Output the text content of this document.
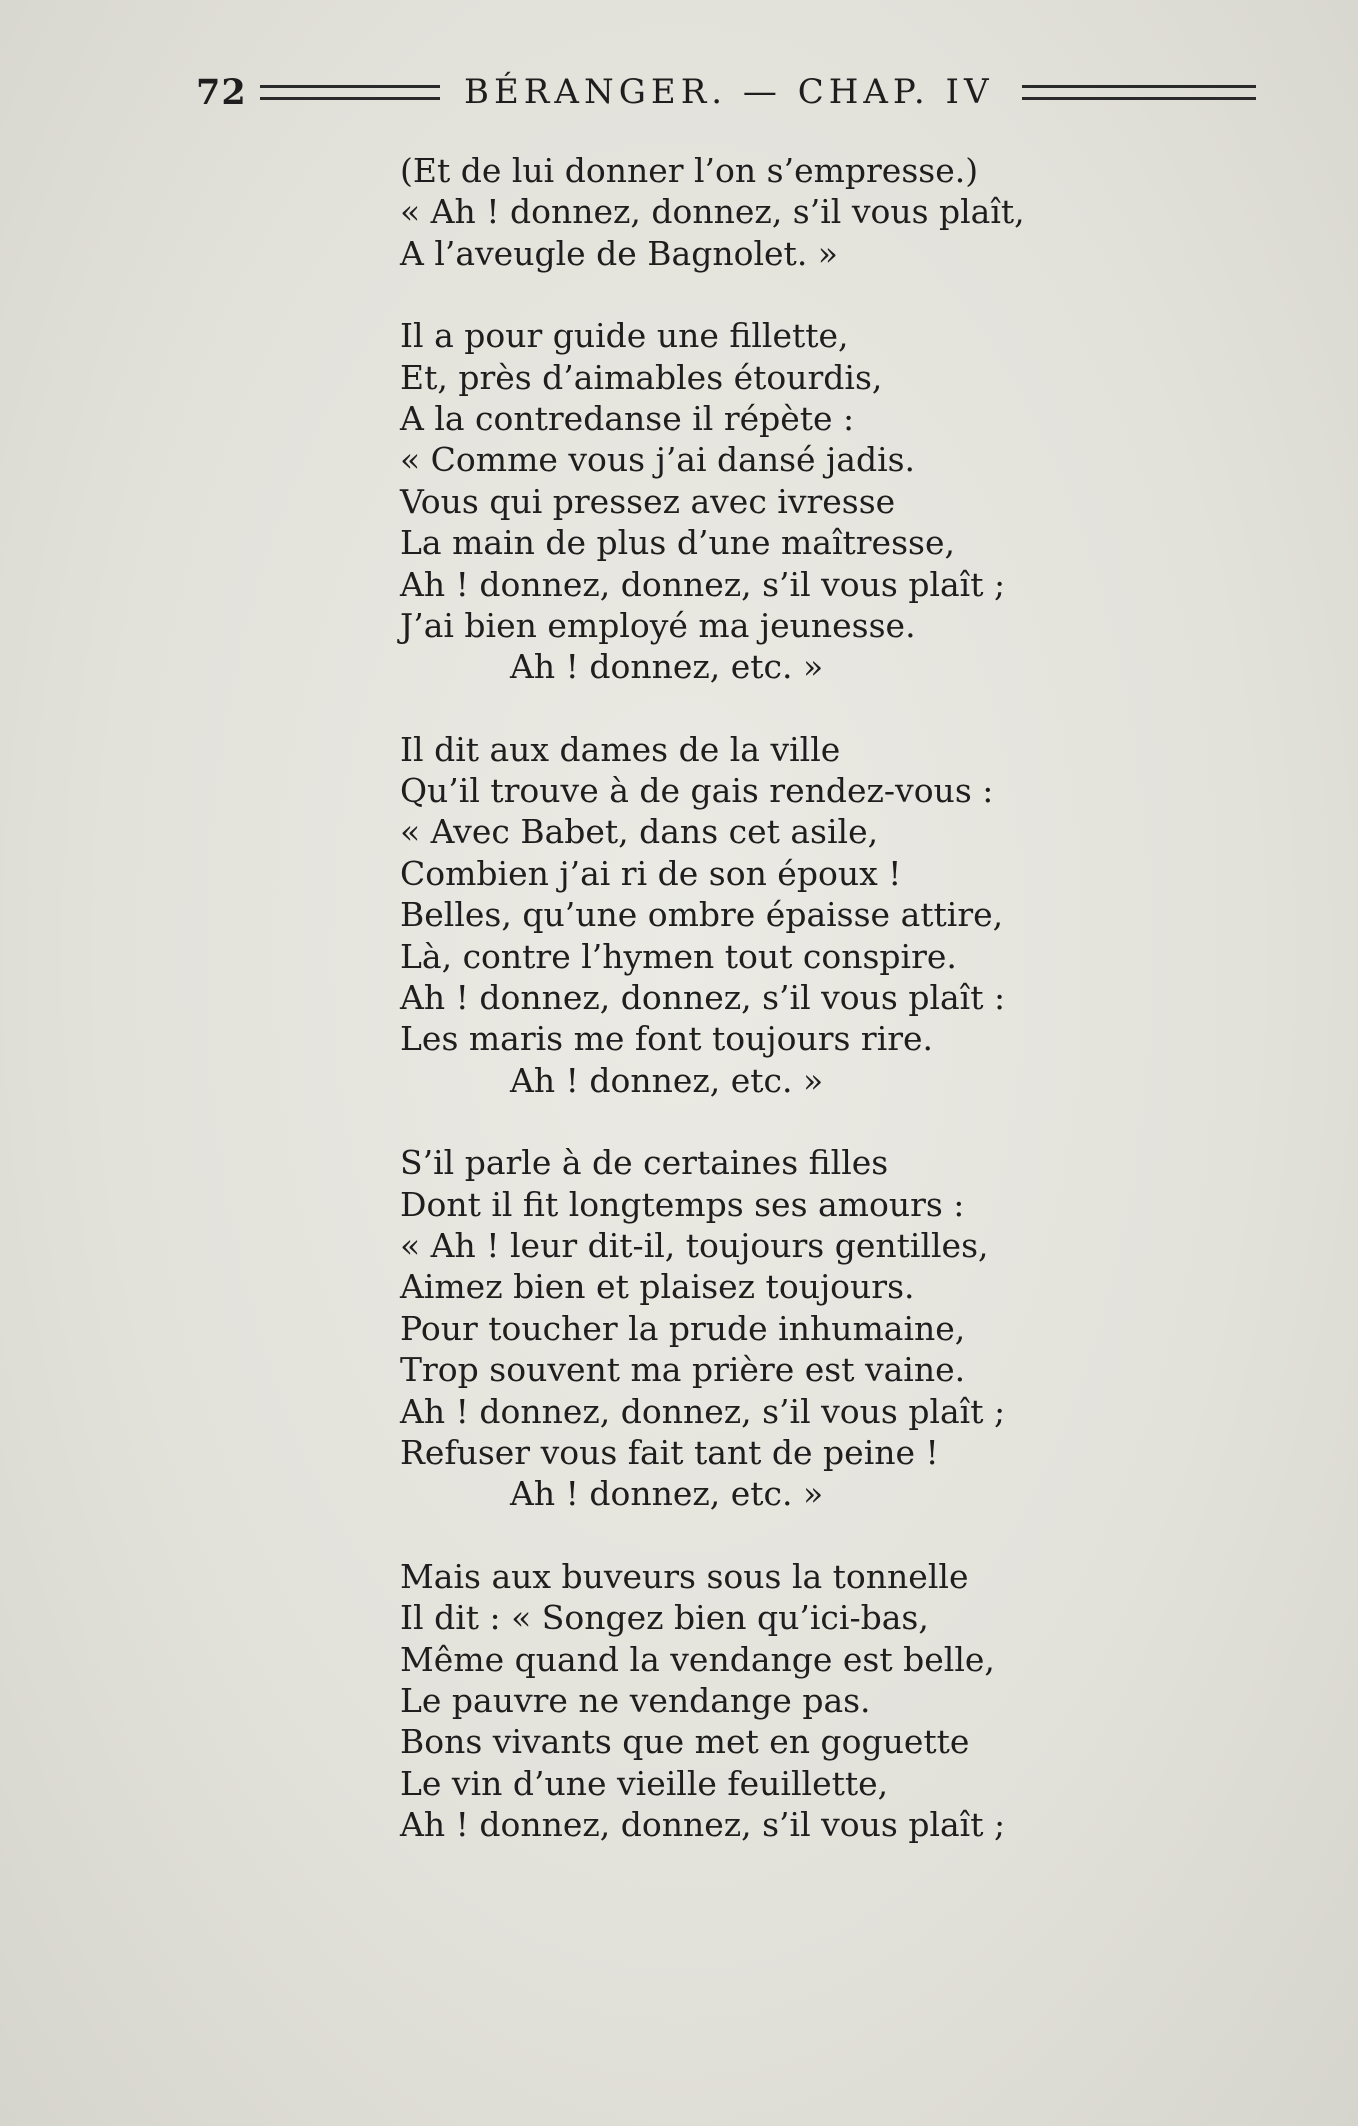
72	BÉRANGER. — CHAP. IV
(Et de lui donner l’on s’empresse.)
« Ah ! donnez, donnez, s’il vous plaît,
A l’aveugle de Bagnolet. »
Il a pour guide une fillette,
Et, près d’aimables étourdis,
A la contredanse il répète :
« Comme vous j’ai dansé jadis.
Vous qui pressez avec ivresse
La main de plus d’une maîtresse,
Ah ! donnez, donnez, s’il vous plaît ;
J’ai bien employé ma jeunesse.
Ah ! donnez, etc. »
Il dit aux dames de la ville
Qu’il trouve à de gais rendez-vous :
« Avec Babet, dans cet asile,
Combien j’ai ri de son époux !
Belles, qu’une ombre épaisse attire,
Là, contre l’hymen tout conspire.
Ah ! donnez, donnez, s’il vous plaît :
Les maris me font toujours rire.
Ah ! donnez, etc. »
S’il parle à de certaines filles
Dont il fit longtemps ses amours :
« Ah ! leur dit-il, toujours gentilles,
Aimez bien et plaisez toujours.
Pour toucher la prude inhumaine,
Trop souvent ma prière est vaine.
Ah ! donnez, donnez, s’il vous plaît ;
Refuser vous fait tant de peine !
Ah ! donnez, etc. »
Mais aux buveurs sous la tonnelle
Il dit : « Songez bien qu’ici-bas,
Même quand la vendange est belle,
Le pauvre ne vendange pas.
Bons vivants que met en goguette
Le vin d’une vieille feuillette,
Ah ! donnez, donnez, s’il vous plaît ;
